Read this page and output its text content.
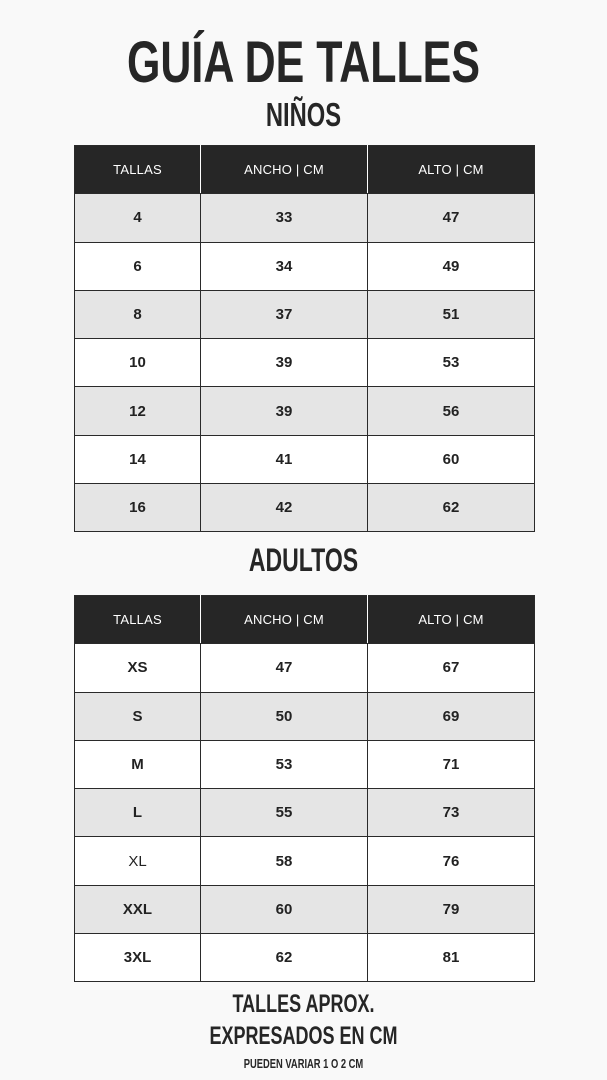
GUÍA DE TALLES
NIÑOS
TALLAS	ANCHO | CM	ALTO | CM
4	33	47
6	34	49
8	37	51
10	39	53
12	39	56
14	41	60
16	42	62
ADULTOS
TALLAS	ANCHO | CM	ALTO | CM
XS	47	67
S	50	69
M	53	71
L	55	73
XL	58	76
XXL	60	79
3XL	62	81
TALLES APROX.
EXPRESADOS EN CM
PUEDEN VARIAR 1 O 2 CM
